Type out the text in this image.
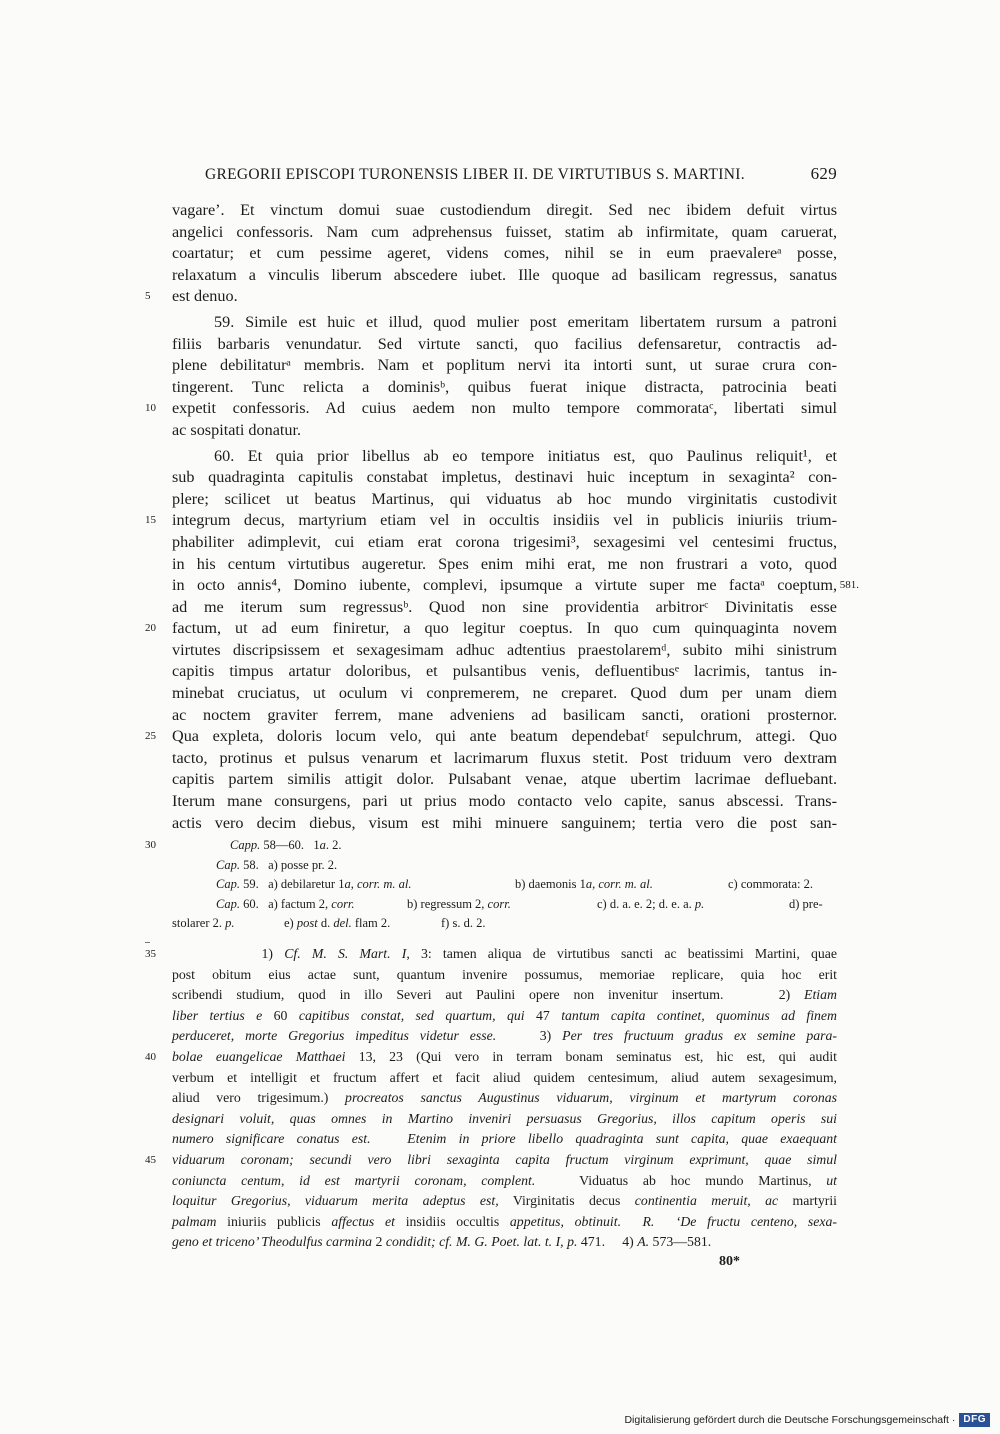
GREGORII EPISCOPI TURONENSIS LIBER II. DE VIRTUTIBUS S. MARTINI.	629
vagare’. Et vinctum domui suae custodiendum diregit. Sed nec ibidem defuit virtus
angelici confessoris. Nam cum adprehensus fuisset, statim ab infirmitate, quam caruerat,
coartatur; et cum pessime ageret, videns comes, nihil se in eum praevalereᵃ posse,
relaxatum a vinculis liberum abscedere iubet. Ille quoque ad basilicam regressus, sanatus
5	est denuo.
59. Simile est huic et illud, quod mulier post emeritam libertatem rursum a patroni
filiis barbaris venundatur. Sed virtute sancti, quo facilius defensaretur, contractis ad-
plene debilitaturᵃ membris. Nam et poplitum nervi ita intorti sunt, ut surae crura con-
tingerent. Tunc relicta a dominisᵇ, quibus fuerat inique distracta, patrocinia beati
10 expetit confessoris. Ad cuius aedem non multo tempore commorataᶜ, libertati simul
ac sospitati donatur.
60. Et quia prior libellus ab eo tempore initiatus est, quo Paulinus reliquit¹, et
sub quadraginta capitulis constabat impletus, destinavi huic inceptum in sexaginta² con-
plere; scilicet ut beatus Martinus, qui viduatus ab hoc mundo virginitatis custodivit
15 integrum decus, martyrium etiam vel in occultis insidiis vel in publicis iniuriis trium-
phabiliter adimplevit, cui etiam erat corona trigesimi³, sexagesimi vel centesimi fructus,
in his centum virtutibus augeretur. Spes enim mihi erat, me non frustrari a voto, quod
in octo annis⁴, Domino iubente, complevi, ipsumque a virtute super me factaᵃ coeptum, 581.
ad me iterum sum regressusᵇ. Quod non sine providentia arbitrorᶜ Divinitatis esse
20 factum, ut ad eum finiretur, a quo legitur coeptus. In quo cum quinquaginta novem
virtutes discripsissem et sexagesimam adhuc adtentius praestolaremᵈ, subito mihi sinistrum
capitis timpus artatur doloribus, et pulsantibus venis, defluentibusᵉ lacrimis, tantus in-
minebat cruciatus, ut oculum vi conpremerem, ne creparet. Quod dum per unam diem
ac noctem graviter ferrem, mane adveniens ad basilicam sancti, orationi prosternor.
25 Qua expleta, doloris locum velo, qui ante beatum dependebatᶠ sepulchrum, attegi. Quo
tacto, protinus et pulsus venarum et lacrimarum fluxus stetit. Post triduum vero dextram
capitis partem similis attigit dolor. Pulsabant venae, atque ubertim lacrimae defluebant.
Iterum mane consurgens, pari ut prius modo contacto velo capite, sanus abscessi. Trans-
actis vero decim diebus, visum est mihi minuere sanguinem; tertia vero die post san-
30	Capp. 58—60.   1a. 2.
Cap. 58.   a) posse pr. 2.
Cap. 59.   a) debilaretur 1a, corr. m. al.	b) daemonis 1a, corr. m. al.	c) commorata: 2.
Cap. 60.   a) factum 2, corr.	b) regressum 2, corr.	c) d. a. e. 2; d. e. a. p.	d) pre-
stolarer 2. p.	e) post d. del. flam 2.	f) s. d. 2.
35	1) Cf. M. S. Mart. I, 3: tamen aliqua de virtutibus sancti ac beatissimi Martini, quae
post obitum eius actae sunt, quantum invenire possumus, memoriae replicare, quia hoc erit
scribendi studium, quod in illo Severi aut Paulini opere non invenitur insertum.    2) Etiam
liber tertius e 60 capitibus constat, sed quartum, qui 47 tantum capita continet, quominus ad finem
perduceret, morte Gregorius impeditus videtur esse.    3) Per tres fructuum gradus ex semine para-
40	bolae euangelicae Matthaei 13, 23 (Qui vero in terram bonam seminatus est, hic est, qui audit
verbum et intelligit et fructum affert et facit aliud quidem centesimum, aliud autem sexagesimum,
aliud vero trigesimum.) procreatos sanctus Augustinus viduarum, virginum et martyrum coronas
designari voluit, quas omnes in Martino inveniri persuasus Gregorius, illos capitum operis sui
numero significare conatus est.   Etenim in priore libello quadraginta sunt capita, quae exaequant
45	viduarum coronam; secundi vero libri sexaginta capita fructum virginum exprimunt, quae simul
coniuncta centum, id est martyrii coronam, complent.   Viduatus ab hoc mundo Martinus, ut
loquitur Gregorius, viduarum merita adeptus est, Virginitatis decus continentia meruit, ac martyrii
palmam iniuriis publicis affectus et insidiis occultis appetitus, obtinuit.  R.  ‘De fructu centeno, sexa-
geno et triceno’ Theodulfus carmina 2 condidit; cf. M. G. Poet. lat. t. I, p. 471.     4) A. 573—581.
80*
Digitalisierung gefördert durch die Deutsche Forschungsgemeinschaft · DFG
